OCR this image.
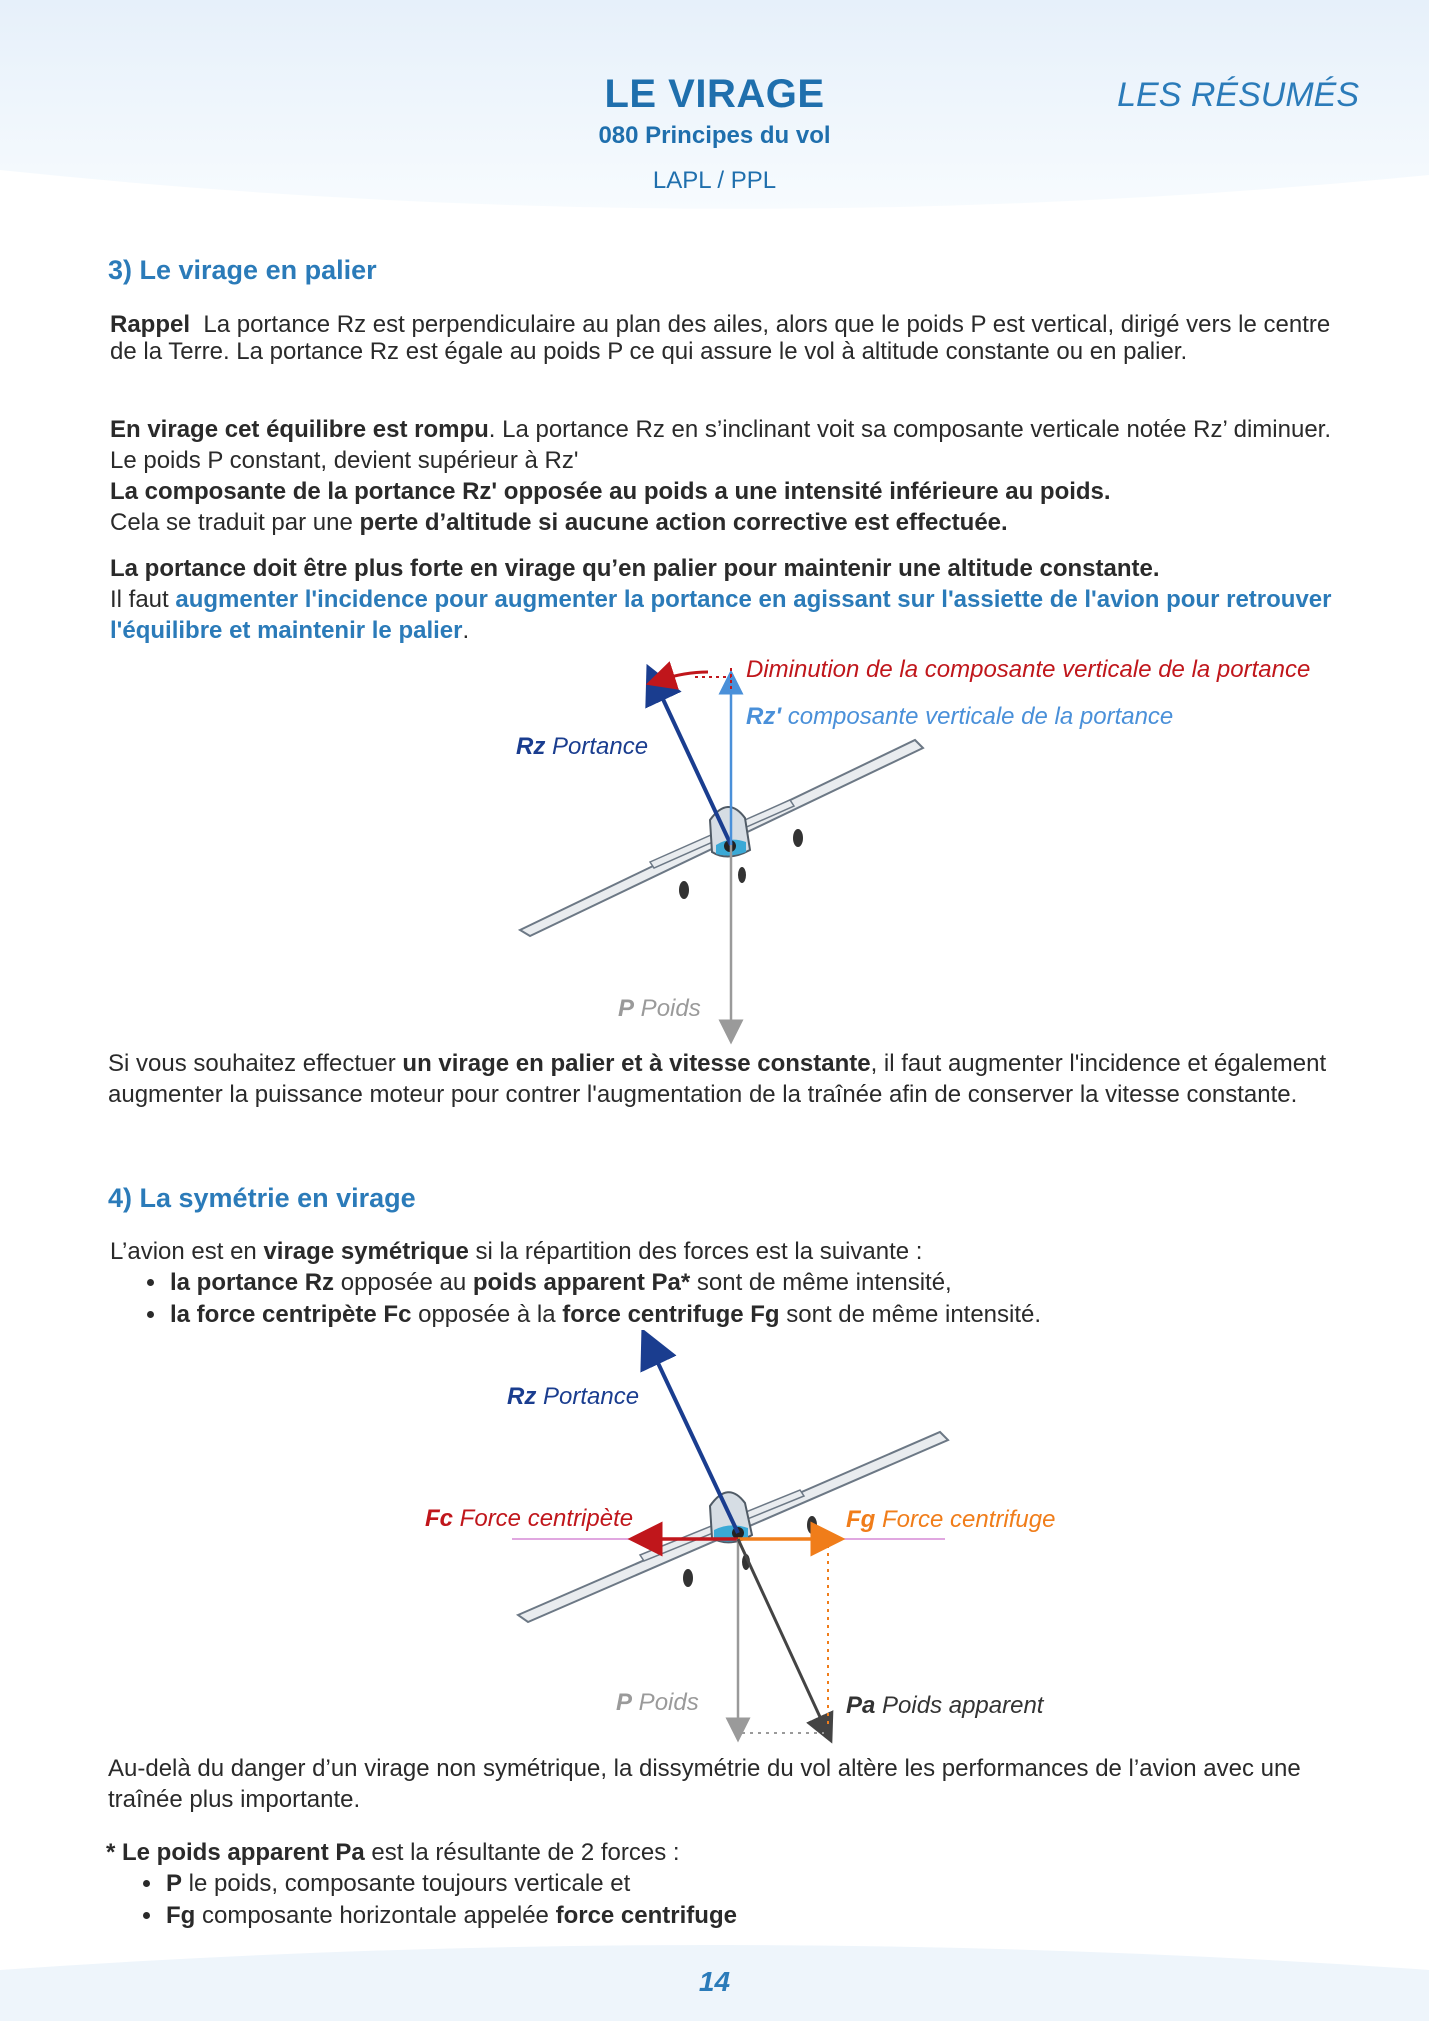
LE VIRAGE
080 Principes du vol
LAPL / PPL
LES RÉSUMÉS
3) Le virage en palier

Rappel La portance Rz est perpendiculaire au plan des ailes, alors que le poids P est vertical, dirigé vers le centre de la Terre. La portance Rz est égale au poids P ce qui assure le vol à altitude constante ou en palier.

En virage cet équilibre est rompu. La portance Rz en s’inclinant voit sa composante verticale notée Rz’ diminuer. Le poids P constant, devient supérieur à Rz'

La composante de la portance Rz' opposée au poids a une intensité inférieure au poids.

Cela se traduit par une perte d’altitude si aucune action corrective est effectuée.

La portance doit être plus forte en virage qu’en palier pour maintenir une altitude constante.

Il faut augmenter l'incidence pour augmenter la portance en agissant sur l'assiette de l'avion pour retrouver l'équilibre et maintenir le palier.

Diminution de la composante verticale de la portance
Rz' composante verticale de la portance
Rz Portance
P Poids

Si vous souhaitez effectuer un virage en palier et à vitesse constante, il faut augmenter l'incidence et également augmenter la puissance moteur pour contrer l'augmentation de la traînée afin de conserver la vitesse constante.

4) La symétrie en virage

L’avion est en virage symétrique si la répartition des forces est la suivante :

• la portance Rz opposée au poids apparent Pa* sont de même intensité,
• la force centripète Fc opposée à la force centrifuge Fg sont de même intensité.
Rz Portance
Fc Force centripète	Fg Force centrifuge
P Poids	Pa Poids apparent

Au-delà du danger d’un virage non symétrique, la dissymétrie du vol altère les performances de l’avion avec une traînée plus importante.

* Le poids apparent Pa est la résultante de 2 forces :

• P le poids, composante toujours verticale et
• Fg composante horizontale appelée force centrifuge
14
